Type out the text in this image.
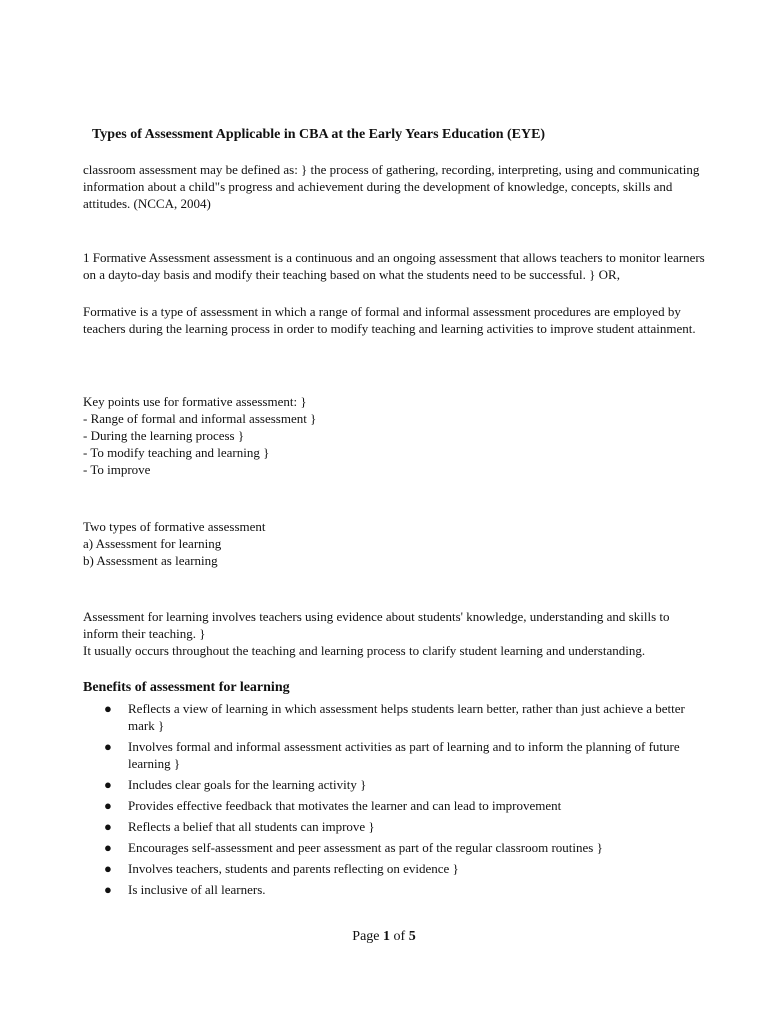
Types of Assessment Applicable in CBA at the Early Years Education (EYE)

classroom assessment may be defined as: } the process of gathering, recording, interpreting, using and communicating information about a child"s progress and achievement during the development of knowledge, concepts, skills and attitudes. (NCCA, 2004)

1 Formative Assessment assessment is a continuous and an ongoing assessment that allows teachers to monitor learners on a dayto-day basis and modify their teaching based on what the students need to be successful. } OR,

Formative is a type of assessment in which a range of formal and informal assessment procedures are employed by teachers during the learning process in order to modify teaching and learning activities to improve student attainment.

Key points use for formative assessment: }
- Range of formal and informal assessment }
- During the learning process }
- To modify teaching and learning }
- To improve
Two types of formative assessment
a) Assessment for learning
b) Assessment as learning

Assessment for learning involves teachers using evidence about students' knowledge, understanding and skills to inform their teaching. }

It usually occurs throughout the teaching and learning process to clarify student learning and understanding.

Benefits of assessment for learning
● Reflects a view of learning in which assessment helps students learn better, rather than just achieve a better mark }
● Involves formal and informal assessment activities as part of learning and to inform the planning of future learning }
● Includes clear goals for the learning activity }
● Provides effective feedback that motivates the learner and can lead to improvement
● Reflects a belief that all students can improve }
● Encourages self-assessment and peer assessment as part of the regular classroom routines }
● Involves teachers, students and parents reflecting on evidence }
● Is inclusive of all learners.
Page 1 of 5
